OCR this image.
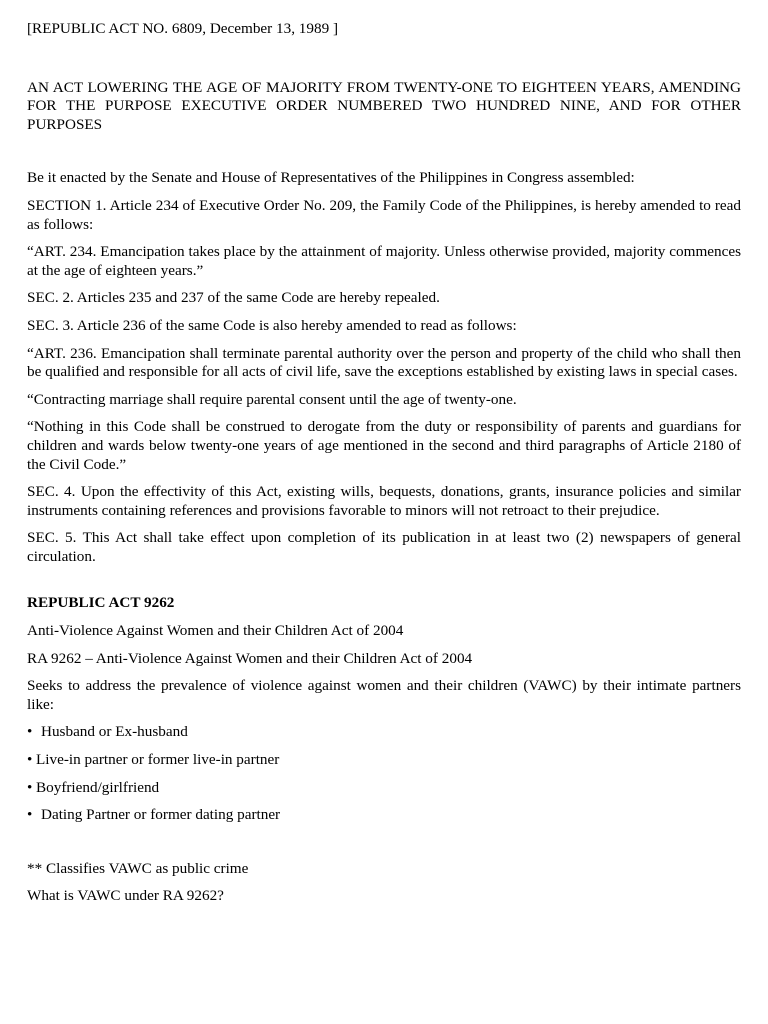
[REPUBLIC ACT NO. 6809, December 13, 1989 ]

AN ACT LOWERING THE AGE OF MAJORITY FROM TWENTY-ONE TO EIGHTEEN YEARS, AMENDING FOR THE PURPOSE EXECUTIVE ORDER NUMBERED TWO HUNDRED NINE, AND FOR OTHER PURPOSES

Be it enacted by the Senate and House of Representatives of the Philippines in Congress assembled:

SECTION 1. Article 234 of Executive Order No. 209, the Family Code of the Philippines, is hereby amended to read as follows:

“ART. 234. Emancipation takes place by the attainment of majority. Unless otherwise provided, majority commences at the age of eighteen years.”

SEC. 2. Articles 235 and 237 of the same Code are hereby repealed.

SEC. 3. Article 236 of the same Code is also hereby amended to read as follows:

“ART. 236. Emancipation shall terminate parental authority over the person and property of the child who shall then be qualified and responsible for all acts of civil life, save the exceptions established by existing laws in special cases.

“Contracting marriage shall require parental consent until the age of twenty-one.

“Nothing in this Code shall be construed to derogate from the duty or responsibility of parents and guardians for children and wards below twenty-one years of age mentioned in the second and third paragraphs of Article 2180 of the Civil Code.”

SEC. 4. Upon the effectivity of this Act, existing wills, bequests, donations, grants, insurance policies and similar instruments containing references and provisions favorable to minors will not retroact to their prejudice.

SEC. 5. This Act shall take effect upon completion of its publication in at least two (2) newspapers of general circulation.

REPUBLIC ACT 9262

Anti-Violence Against Women and their Children Act of 2004

RA 9262 – Anti-Violence Against Women and their Children Act of 2004

Seeks to address the prevalence of violence against women and their children (VAWC) by their intimate partners like:

• Husband or Ex-husband
• Live-in partner or former live-in partner
• Boyfriend/girlfriend
• Dating Partner or former dating partner

** Classifies VAWC as public crime

What is VAWC under RA 9262?
